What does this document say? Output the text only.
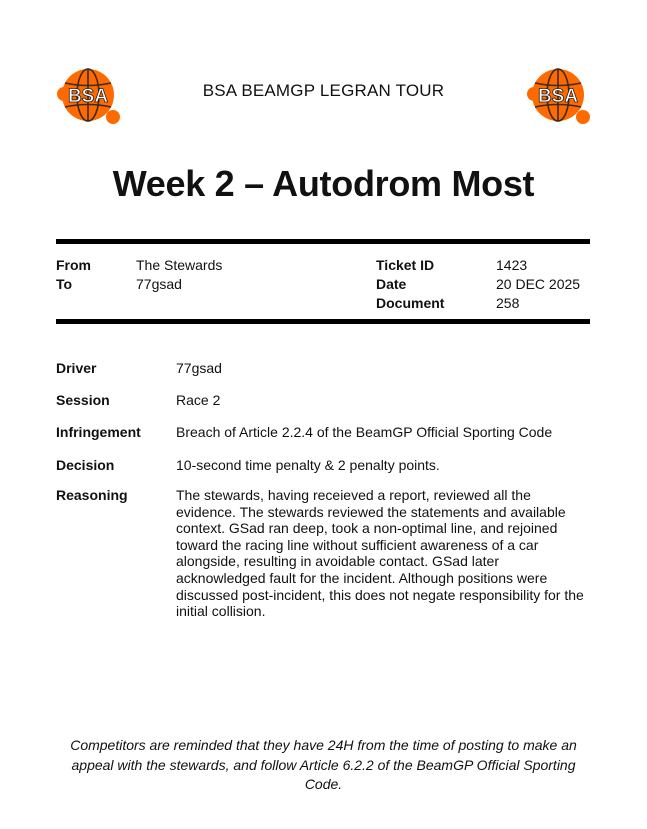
BSA	BSA BEAMGP LEGRAN TOUR	BSA
Week 2 – Autodrom Most
From	The Stewards
To	77gsad
Ticket ID	1423
Date	20 DEC 2025
Document	258
Driver	77gsad
Session	Race 2
Infringement	Breach of Article 2.2.4 of the BeamGP Official Sporting Code
Decision	10-second time penalty & 2 penalty points.
Reasoning	The stewards, having receieved a report, reviewed all the evidence. The stewards reviewed the statements and available context. GSad ran deep, took a non-optimal line, and rejoined toward the racing line without sufficient awareness of a car alongside, resulting in avoidable contact. GSad later acknowledged fault for the incident. Although positions were discussed post-incident, this does not negate responsibility for the initial collision.
Competitors are reminded that they have 24H from the time of posting to make an appeal with the stewards, and follow Article 6.2.2 of the BeamGP Official Sporting Code.
